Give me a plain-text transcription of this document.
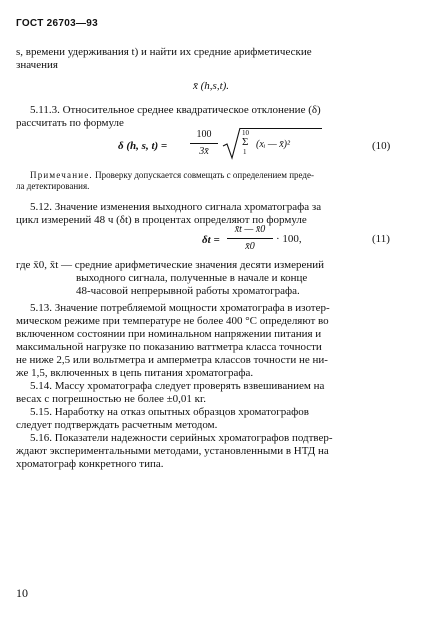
ГОСТ 26703—93
s, времени удерживания t) и найти их средние арифметические
значения
x̄ (h,s,t).
5.11.3. Относительное среднее квадратическое отклонение (δ)
рассчитать по формуле
δ (h, s, t) =
100
3x̄
10
Σ
1
(xᵢ — x̄)²	(10)
Примечание. Проверку допускается совмещать с определением преде-
ла детектирования.
5.12. Значение изменения выходного сигнала хроматографа за
цикл измерений 48 ч (δt) в процентах определяют по формуле
δt =
x̄t — x̄0
x̄0
· 100,	(11)
где x̄0, x̄t — средние арифметические значения десяти измерений
выходного сигнала, полученные в начале и конце
48-часовой непрерывной работы хроматографа.
5.13. Значение потребляемой мощности хроматографа в изотер-
мическом режиме при температуре не более 400 °С определяют во
включенном состоянии при номинальном напряжении питания и
максимальной нагрузке по показанию ваттметра класса точности
не ниже 2,5 или вольтметра и амперметра классов точности не ни-
же 1,5, включенных в цепь питания хроматографа.
5.14. Массу хроматографа следует проверять взвешиванием на
весах с погрешностью не более ±0,01 кг.
5.15. Наработку на отказ опытных образцов хроматографов
следует подтверждать расчетным методом.
5.16. Показатели надежности серийных хроматографов подтвер-
ждают экспериментальными методами, установленными в НТД на
хроматограф конкретного типа.
10
